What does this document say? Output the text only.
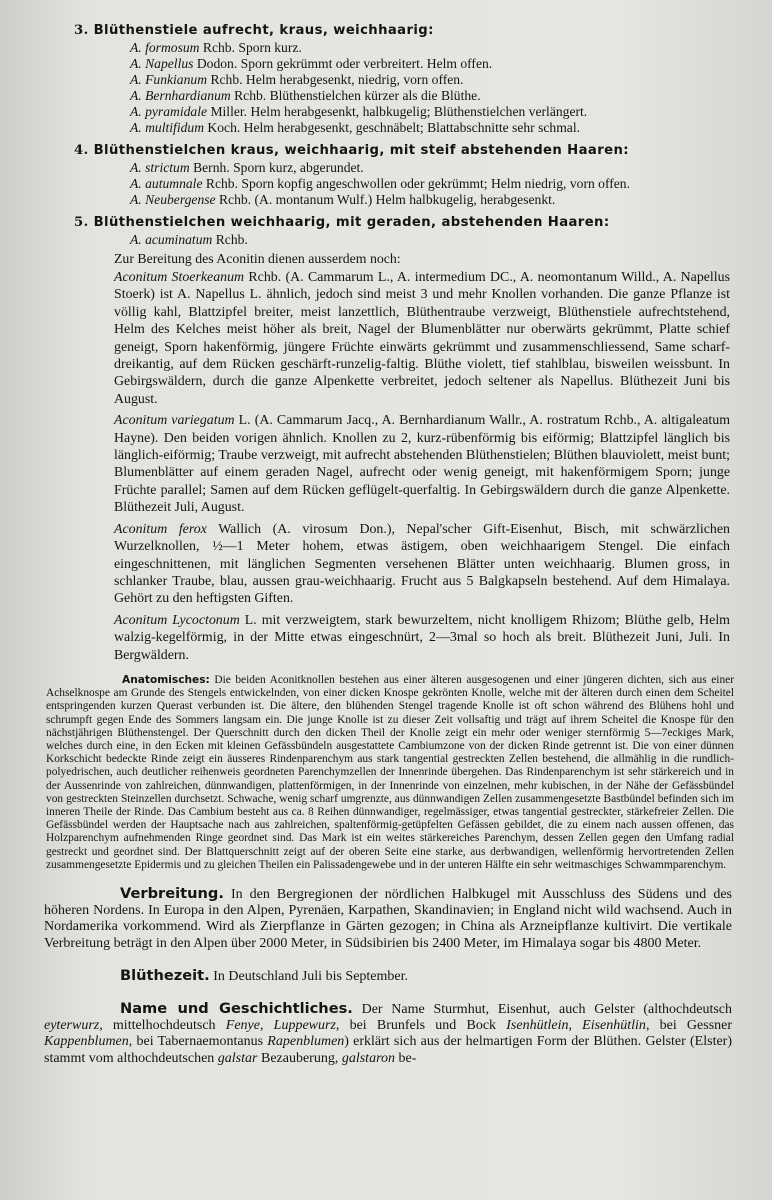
3. Blüthenstiele aufrecht, kraus, weichhaarig:
A. formosum Rchb. Sporn kurz.
A. Napellus Dodon. Sporn gekrümmt oder verbreitert. Helm offen.
A. Funkianum Rchb. Helm herabgesenkt, niedrig, vorn offen.
A. Bernhardianum Rchb. Blüthenstielchen kürzer als die Blüthe.
A. pyramidale Miller. Helm herabgesenkt, halbkugelig; Blüthenstielchen verlängert.
A. multifidum Koch. Helm herabgesenkt, geschnäbelt; Blattabschnitte sehr schmal.
4. Blüthenstielchen kraus, weichhaarig, mit steif abstehenden Haaren:
A. strictum Bernh. Sporn kurz, abgerundet.
A. autumnale Rchb. Sporn kopfig angeschwollen oder gekrümmt; Helm niedrig, vorn offen.
A. Neubergense Rchb. (A. montanum Wulf.) Helm halbkugelig, herabgesenkt.
5. Blüthenstielchen weichhaarig, mit geraden, abstehenden Haaren:
A. acuminatum Rchb.
Zur Bereitung des Aconitin dienen ausserdem noch:
Aconitum Stoerkeanum Rchb. (A. Cammarum L., A. intermedium DC., A. neomontanum Willd., A. Napellus Stoerk) ist A. Napellus L. ähnlich, jedoch sind meist 3 und mehr Knollen vorhanden. Die ganze Pflanze ist völlig kahl, Blattzipfel breiter, meist lanzettlich, Blüthentraube verzweigt, Blüthenstiele aufrechtstehend, Helm des Kelches meist höher als breit, Nagel der Blumenblätter nur oberwärts gekrümmt, Platte schief geneigt, Sporn hakenförmig, jüngere Früchte einwärts gekrümmt und zusammenschliessend, Same scharf-dreikantig, auf dem Rücken geschärft-runzelig-faltig. Blüthe violett, tief stahlblau, bisweilen weissbunt. In Gebirgswäldern, durch die ganze Alpenkette verbreitet, jedoch seltener als Napellus. Blüthezeit Juni bis August.
Aconitum variegatum L. (A. Cammarum Jacq., A. Bernhardianum Wallr., A. rostratum Rchb., A. altigaleatum Hayne). Den beiden vorigen ähnlich. Knollen zu 2, kurz-rübenförmig bis eiförmig; Blattzipfel länglich bis länglich-eiförmig; Traube verzweigt, mit aufrecht abstehenden Blüthenstielen; Blüthen blauviolett, meist bunt; Blumenblätter auf einem geraden Nagel, aufrecht oder wenig geneigt, mit hakenförmigem Sporn; junge Früchte parallel; Samen auf dem Rücken geflügelt-querfaltig. In Gebirgswäldern durch die ganze Alpenkette. Blüthezeit Juli, August.
Aconitum ferox Wallich (A. virosum Don.), Nepal'scher Gift-Eisenhut, Bisch, mit schwärzlichen Wurzelknollen, ½—1 Meter hohem, etwas ästigem, oben weichhaarigem Stengel. Die einfach eingeschnittenen, mit länglichen Segmenten versehenen Blätter unten weichhaarig. Blumen gross, in schlanker Traube, blau, aussen grau-weichhaarig. Frucht aus 5 Balgkapseln bestehend. Auf dem Himalaya. Gehört zu den heftigsten Giften.
Aconitum Lycoctonum L. mit verzweigtem, stark bewurzeltem, nicht knolligem Rhizom; Blüthe gelb, Helm walzig-kegelförmig, in der Mitte etwas eingeschnürt, 2—3mal so hoch als breit. Blüthezeit Juni, Juli. In Bergwäldern.
Anatomisches: Die beiden Aconitknollen bestehen aus einer älteren ausgesogenen und einer jüngeren dichten, sich aus einer Achselknospe am Grunde des Stengels entwickelnden, von einer dicken Knospe gekrönten Knolle, welche mit der älteren durch einen dem Scheitel entspringenden kurzen Querast verbunden ist. Die ältere, den blühenden Stengel tragende Knolle ist oft schon während des Blühens hohl und schrumpft gegen Ende des Sommers langsam ein. Die junge Knolle ist zu dieser Zeit vollsaftig und trägt auf ihrem Scheitel die Knospe für den nächstjährigen Blüthenstengel. Der Querschnitt durch den dicken Theil der Knolle zeigt ein mehr oder weniger sternförmig 5—7eckiges Mark, welches durch eine, in den Ecken mit kleinen Gefässbündeln ausgestattete Cambiumzone von der dicken Rinde getrennt ist. Die von einer dünnen Korkschicht bedeckte Rinde zeigt ein äusseres Rindenparenchym aus stark tangential gestreckten Zellen bestehend, die allmählig in die rundlich-polyedrischen, auch deutlicher reihenweis geordneten Parenchymzellen der Innenrinde übergehen. Das Rindenparenchym ist sehr stärkereich und in der Aussenrinde von zahlreichen, dünnwandigen, plattenförmigen, in der Innenrinde von einzelnen, mehr kubischen, in der Nähe der Gefässbündel von gestreckten Steinzellen durchsetzt. Schwache, wenig scharf umgrenzte, aus dünnwandigen Zellen zusammengesetzte Bastbündel befinden sich im inneren Theile der Rinde. Das Cambium besteht aus ca. 8 Reihen dünnwandiger, regelmässiger, etwas tangential gestreckter, stärkefreier Zellen. Die Gefässbündel werden der Hauptsache nach aus zahlreichen, spaltenförmig-getüpfelten Gefässen gebildet, die zu einem nach aussen offenen, das Holzparenchym aufnehmenden Ringe geordnet sind. Das Mark ist ein weites stärkereiches Parenchym, dessen Zellen gegen den Umfang radial gestreckt und geordnet sind. Der Blattquerschnitt zeigt auf der oberen Seite eine starke, aus derbwandigen, wellenförmig hervortretenden Zellen zusammengesetzte Epidermis und zu gleichen Theilen ein Palissadengewebe und in der unteren Hälfte ein sehr weitmaschiges Schwammparenchym.
Verbreitung. In den Bergregionen der nördlichen Halbkugel mit Ausschluss des Südens und des höheren Nordens. In Europa in den Alpen, Pyrenäen, Karpathen, Skandinavien; in England nicht wild wachsend. Auch in Nordamerika vorkommend. Wird als Zierpflanze in Gärten gezogen; in China als Arzneipflanze kultivirt. Die vertikale Verbreitung beträgt in den Alpen über 2000 Meter, in Südsibirien bis 2400 Meter, im Himalaya sogar bis 4800 Meter.
Blüthezeit. In Deutschland Juli bis September.
Name und Geschichtliches. Der Name Sturmhut, Eisenhut, auch Gelster (althochdeutsch eyterwurz, mittelhochdeutsch Fenye, Luppewurz, bei Brunfels und Bock Isenhütlein, Eisenhütlin, bei Gessner Kappenblumen, bei Tabernaemontanus Rapenblumen) erklärt sich aus der helmartigen Form der Blüthen. Gelster (Elster) stammt vom althochdeutschen galstar Bezauberung, galstaron be-
